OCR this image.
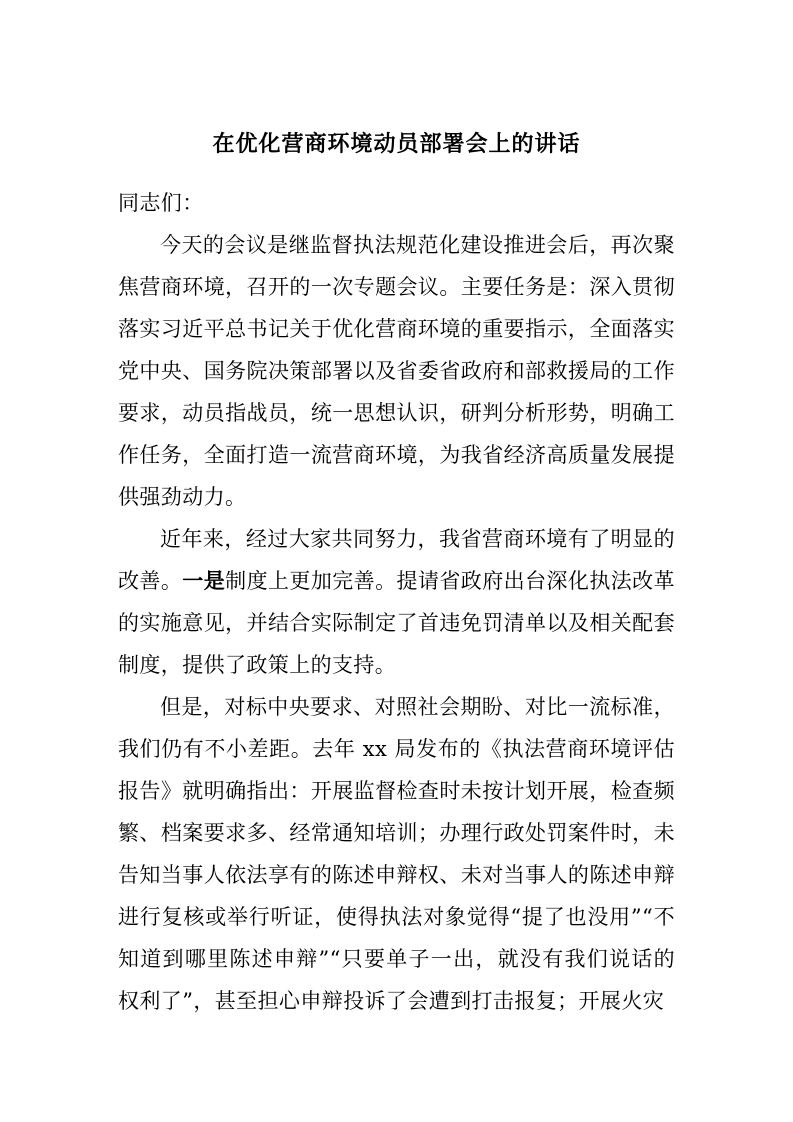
在优化营商环境动员部署会上的讲话

同志们：

今天的会议是继监督执法规范化建设推进会后，再次聚焦营商环境，召开的一次专题会议。主要任务是：深入贯彻落实习近平总书记关于优化营商环境的重要指示，全面落实党中央、国务院决策部署以及省委省政府和部救援局的工作要求，动员指战员，统一思想认识，研判分析形势，明确工作任务，全面打造一流营商环境，为我省经济高质量发展提供强劲动力。

近年来，经过大家共同努力，我省营商环境有了明显的改善。一是制度上更加完善。提请省政府出台深化执法改革的实施意见，并结合实际制定了首违免罚清单以及相关配套制度，提供了政策上的支持。

但是，对标中央要求、对照社会期盼、对比一流标准，我们仍有不小差距。去年 xx 局发布的《执法营商环境评估报告》就明确指出：开展监督检查时未按计划开展，检查频繁、档案要求多、经常通知培训；办理行政处罚案件时，未告知当事人依法享有的陈述申辩权、未对当事人的陈述申辩进行复核或举行听证，使得执法对象觉得“提了也没用”“不知道到哪里陈述申辩”“只要单子一出，就没有我们说话的权利了”，甚至担心申辩投诉了会遭到打击报复；开展火灾
